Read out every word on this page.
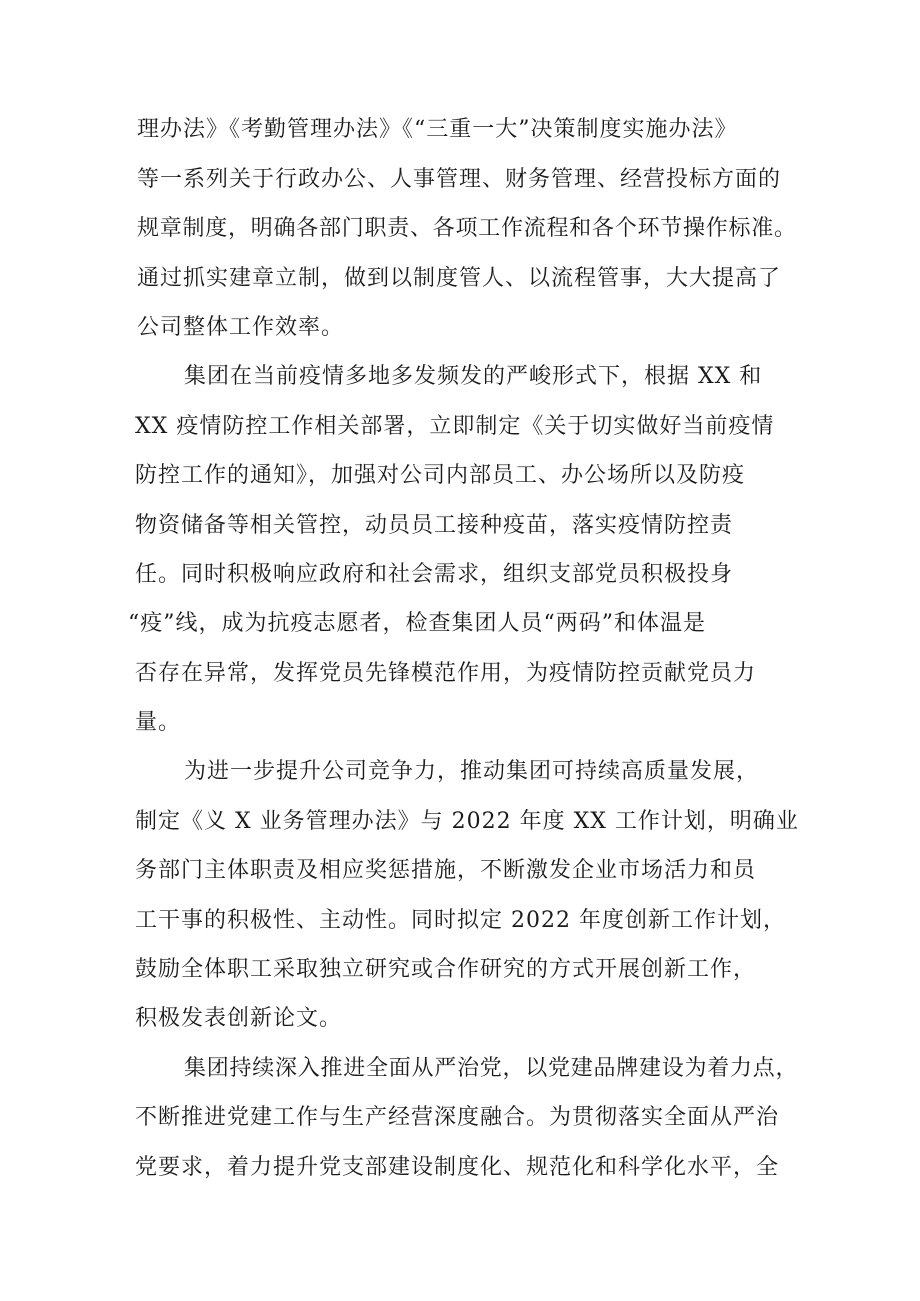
理办法》《考勤管理办法》《“三重一大”决策制度实施办法》

等一系列关于行政办公、人事管理、财务管理、经营投标方面的

规章制度，明确各部门职责、各项工作流程和各个环节操作标准。

通过抓实建章立制，做到以制度管人、以流程管事，大大提高了

公司整体工作效率。

集团在当前疫情多地多发频发的严峻形式下，根据 XX 和

XX 疫情防控工作相关部署，立即制定《关于切实做好当前疫情

防控工作的通知》，加强对公司内部员工、办公场所以及防疫

物资储备等相关管控，动员员工接种疫苗，落实疫情防控责

任。同时积极响应政府和社会需求，组织支部党员积极投身

“疫”线，成为抗疫志愿者，检查集团人员“两码”和体温是

否存在异常，发挥党员先锋模范作用，为疫情防控贡献党员力

量。

为进一步提升公司竞争力，推动集团可持续高质量发展，

制定《义 X 业务管理办法》与 2022 年度 XX 工作计划，明确业

务部门主体职责及相应奖惩措施，不断激发企业市场活力和员

工干事的积极性、主动性。同时拟定 2022 年度创新工作计划，

鼓励全体职工采取独立研究或合作研究的方式开展创新工作，

积极发表创新论文。

集团持续深入推进全面从严治党，以党建品牌建设为着力点，

不断推进党建工作与生产经营深度融合。为贯彻落实全面从严治

党要求，着力提升党支部建设制度化、规范化和科学化水平，全
